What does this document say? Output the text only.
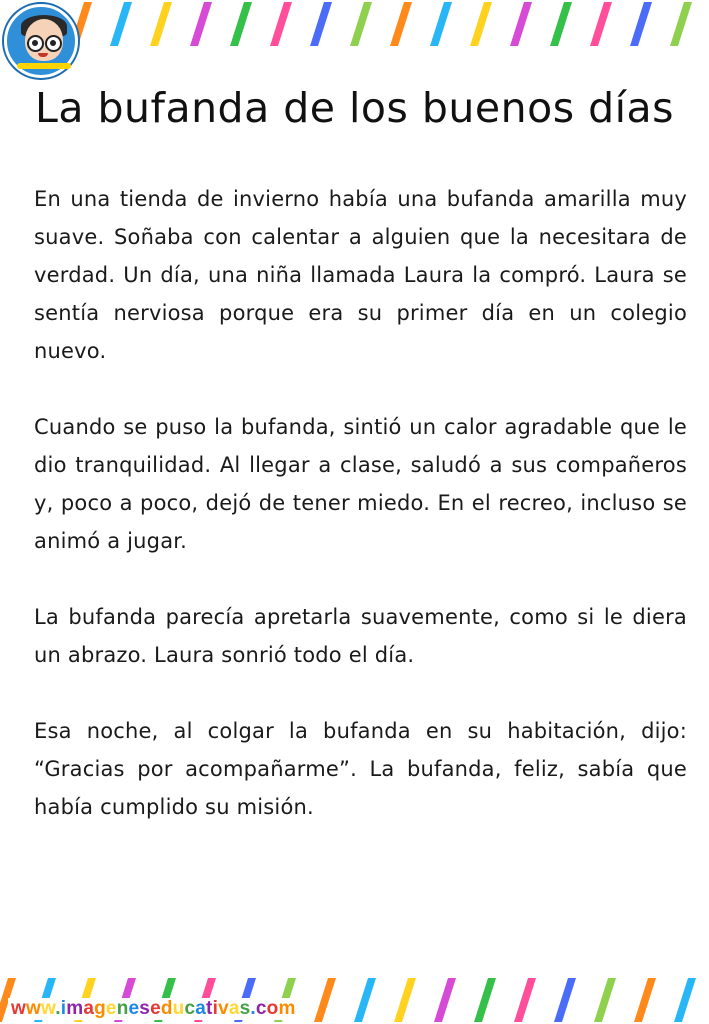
La bufanda de los buenos días

En una tienda de invierno había una bufanda amarilla muy suave. Soñaba con calentar a alguien que la necesitara de verdad. Un día, una niña llamada Laura la compró. Laura se sentía nerviosa porque era su primer día en un colegio nuevo.

Cuando se puso la bufanda, sintió un calor agradable que le dio tranquilidad. Al llegar a clase, saludó a sus compañeros y, poco a poco, dejó de tener miedo. En el recreo, incluso se animó a jugar.

La bufanda parecía apretarla suavemente, como si le diera un abrazo. Laura sonrió todo el día.

Esa noche, al colgar la bufanda en su habitación, dijo: “Gracias por acompañarme”. La bufanda, feliz, sabía que había cumplido su misión.

www.imageneseducativas.com
